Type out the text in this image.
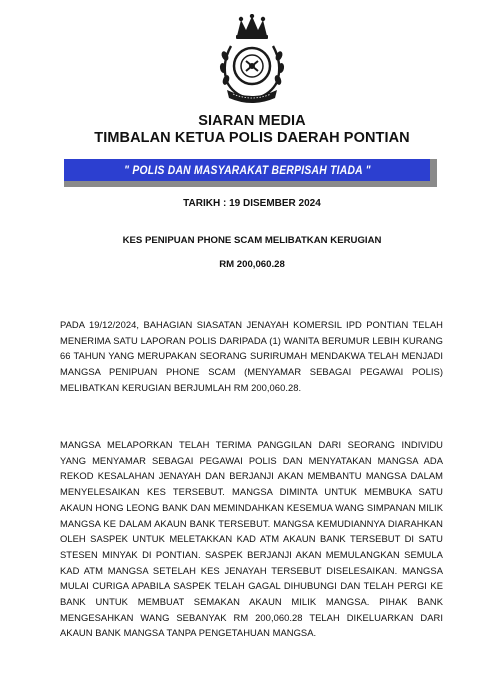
SIARAN MEDIA
TIMBALAN KETUA POLIS DAERAH PONTIAN
" POLIS DAN MASYARAKAT BERPISAH TIADA "
TARIKH : 19 DISEMBER 2024
KES PENIPUAN PHONE SCAM MELIBATKAN KERUGIAN
RM 200,060.28

PADA 19/12/2024, BAHAGIAN SIASATAN JENAYAH KOMERSIL IPD PONTIAN TELAH MENERIMA SATU LAPORAN POLIS DARIPADA (1) WANITA BERUMUR LEBIH KURANG 66 TAHUN YANG MERUPAKAN SEORANG SURIRUMAH MENDAKWA TELAH MENJADI MANGSA PENIPUAN PHONE SCAM (MENYAMAR SEBAGAI PEGAWAI POLIS) MELIBATKAN KERUGIAN BERJUMLAH RM 200,060.28.

MANGSA MELAPORKAN TELAH TERIMA PANGGILAN DARI SEORANG INDIVIDU YANG MENYAMAR SEBAGAI PEGAWAI POLIS DAN MENYATAKAN MANGSA ADA REKOD KESALAHAN JENAYAH DAN BERJANJI AKAN MEMBANTU MANGSA DALAM MENYELESAIKAN KES TERSEBUT. MANGSA DIMINTA UNTUK MEMBUKA SATU AKAUN HONG LEONG BANK DAN MEMINDAHKAN KESEMUA WANG SIMPANAN MILIK MANGSA KE DALAM AKAUN BANK TERSEBUT. MANGSA KEMUDIANNYA DIARAHKAN OLEH SASPEK UNTUK MELETAKKAN KAD ATM AKAUN BANK TERSEBUT DI SATU STESEN MINYAK DI PONTIAN. SASPEK BERJANJI AKAN MEMULANGKAN SEMULA KAD ATM MANGSA SETELAH KES JENAYAH TERSEBUT DISELESAIKAN. MANGSA MULAI CURIGA APABILA SASPEK TELAH GAGAL DIHUBUNGI DAN TELAH PERGI KE BANK UNTUK MEMBUAT SEMAKAN AKAUN MILIK MANGSA. PIHAK BANK MENGESAHKAN WANG SEBANYAK RM 200,060.28 TELAH DIKELUARKAN DARI AKAUN BANK MANGSA TANPA PENGETAHUAN MANGSA.
